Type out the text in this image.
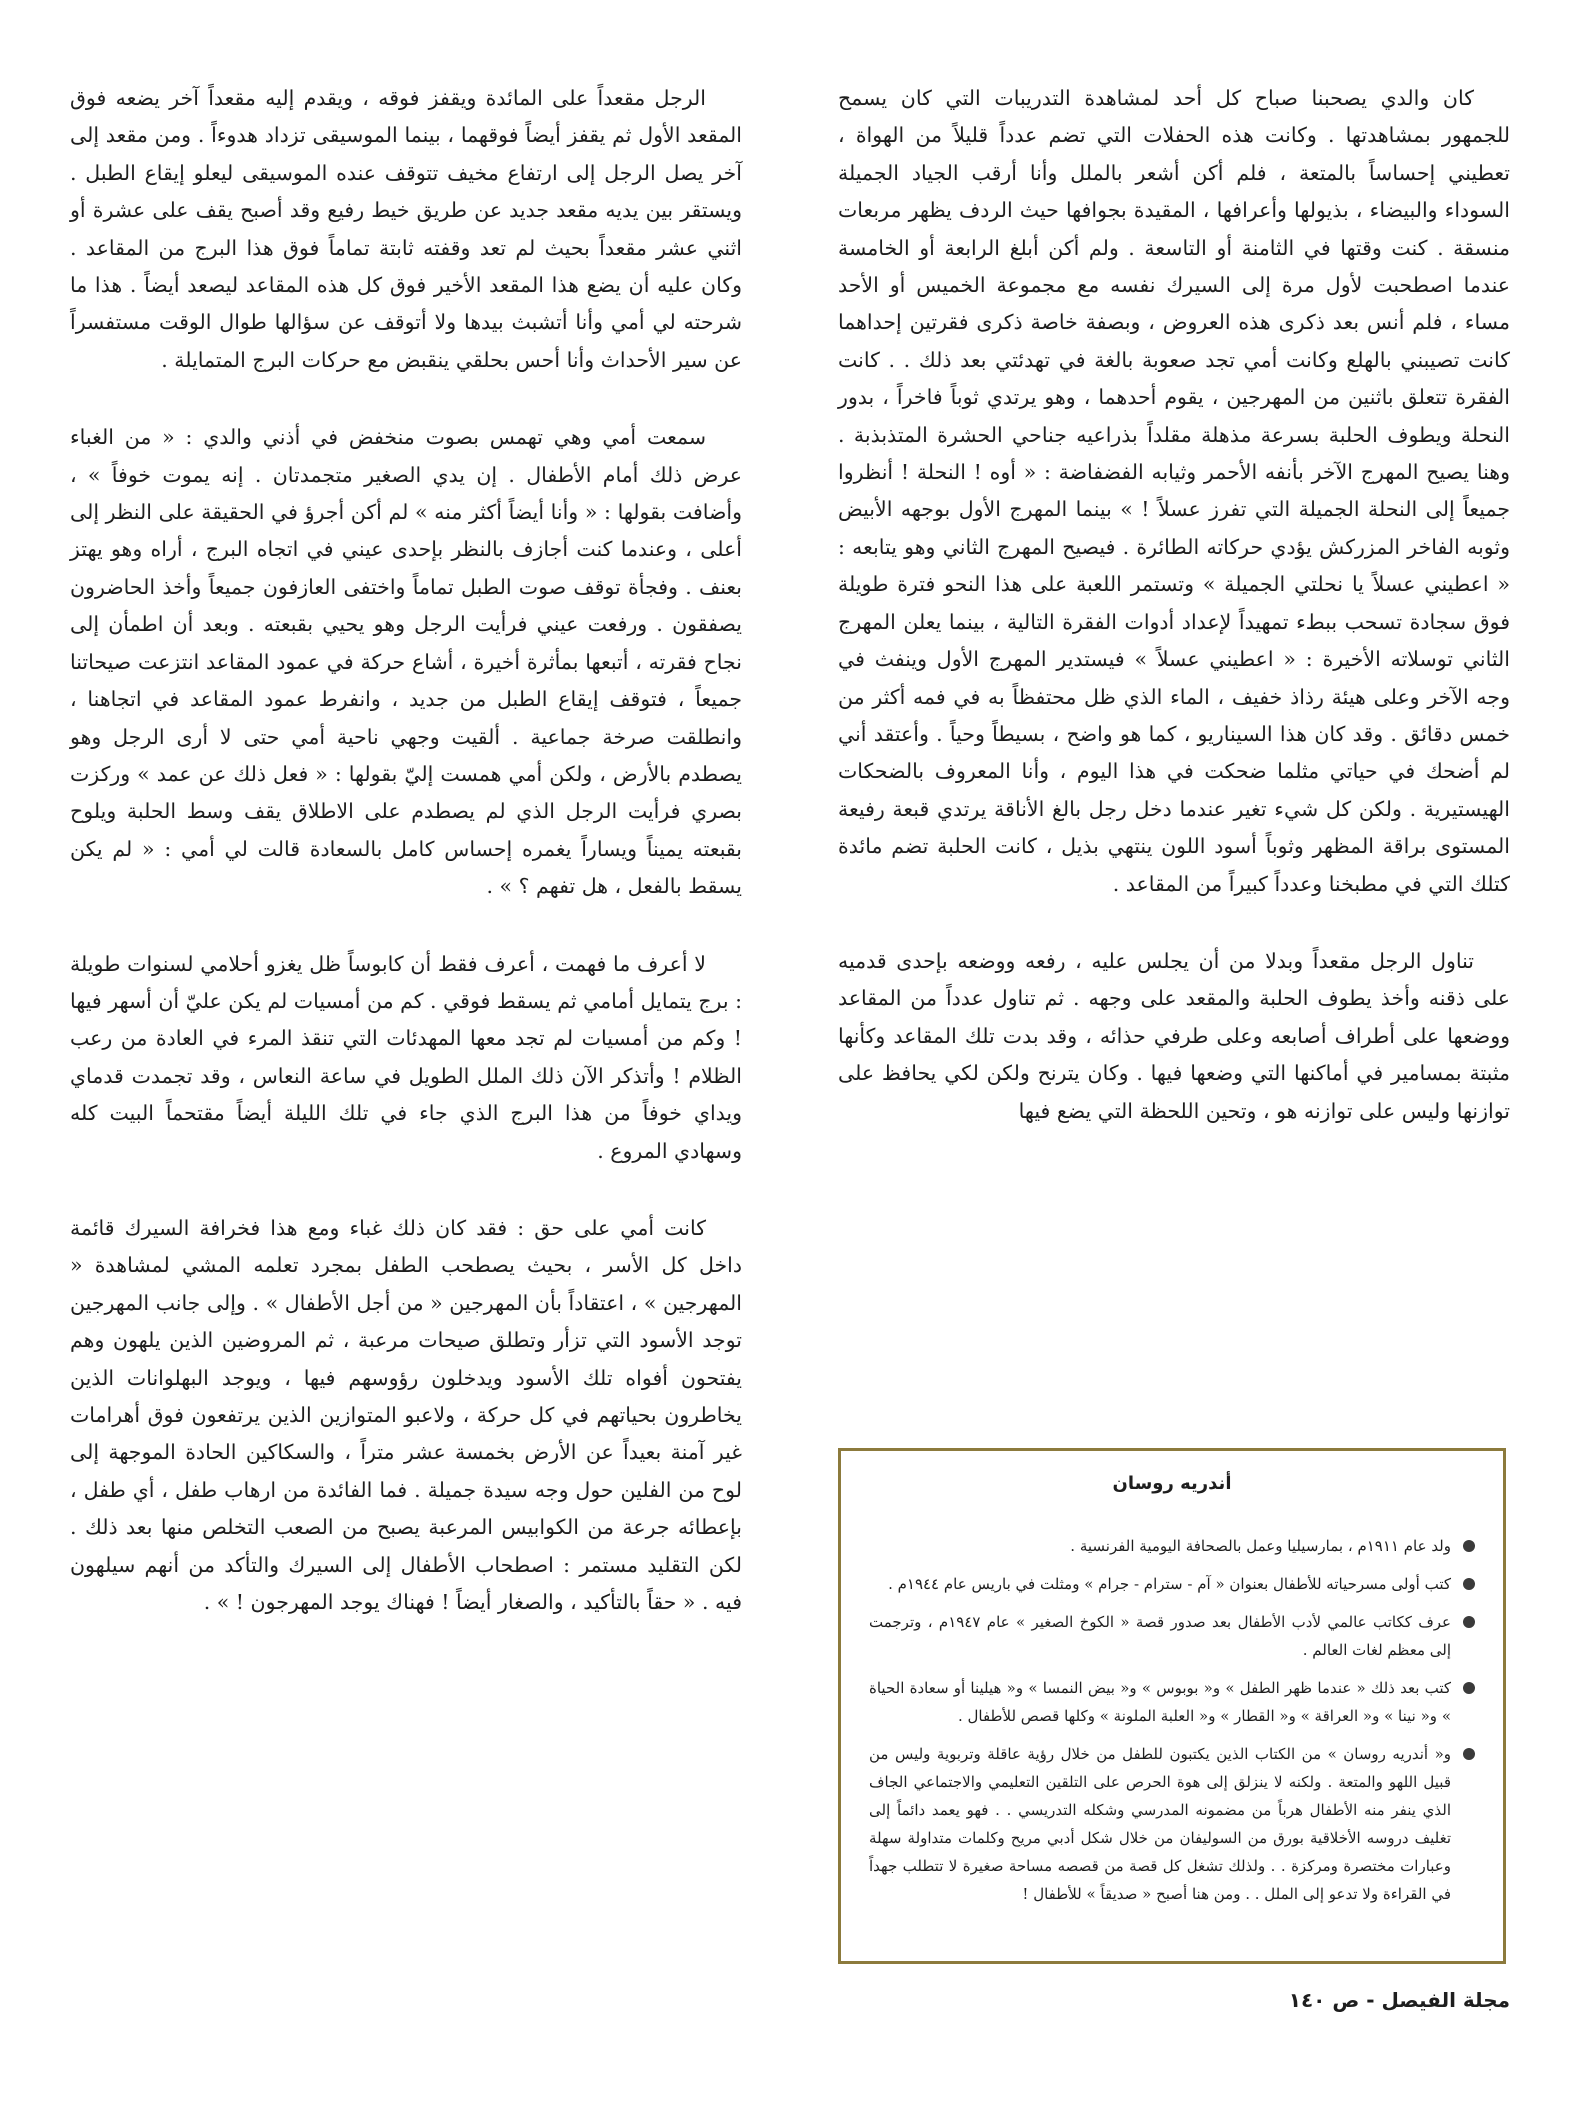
كان والدي يصحبنا صباح كل أحد لمشاهدة التدريبات التي كان يسمح للجمهور بمشاهدتها . وكانت هذه الحفلات التي تضم عدداً قليلاً من الهواة ، تعطيني إحساساً بالمتعة ، فلم أكن أشعر بالملل وأنا أرقب الجياد الجميلة السوداء والبيضاء ، بذيولها وأعرافها ، المقيدة بجوافها حيث الردف يظهر مربعات منسقة . كنت وقتها في الثامنة أو التاسعة . ولم أكن أبلغ الرابعة أو الخامسة عندما اصطحبت لأول مرة إلى السيرك نفسه مع مجموعة الخميس أو الأحد مساء ، فلم أنس بعد ذكرى هذه العروض ، وبصفة خاصة ذكرى فقرتين إحداهما كانت تصيبني بالهلع وكانت أمي تجد صعوبة بالغة في تهدئتي بعد ذلك . . كانت الفقرة تتعلق باثنين من المهرجين ، يقوم أحدهما ، وهو يرتدي ثوباً فاخراً ، بدور النحلة ويطوف الحلبة بسرعة مذهلة مقلداً بذراعيه جناحي الحشرة المتذبذبة . وهنا يصيح المهرج الآخر بأنفه الأحمر وثيابه الفضفاضة : « أوه ! النحلة ! أنظروا جميعاً إلى النحلة الجميلة التي تفرز عسلاً ! » بينما المهرج الأول بوجهه الأبيض وثوبه الفاخر المزركش يؤدي حركاته الطائرة . فيصيح المهرج الثاني وهو يتابعه : « اعطيني عسلاً يا نحلتي الجميلة » وتستمر اللعبة على هذا النحو فترة طويلة فوق سجادة تسحب ببطء تمهيداً لإعداد أدوات الفقرة التالية ، بينما يعلن المهرج الثاني توسلاته الأخيرة : « اعطيني عسلاً » فيستدير المهرج الأول وينفث في وجه الآخر وعلى هيئة رذاذ خفيف ، الماء الذي ظل محتفظاً به في فمه أكثر من خمس دقائق . وقد كان هذا السيناريو ، كما هو واضح ، بسيطاً وحياً . وأعتقد أني لم أضحك في حياتي مثلما ضحكت في هذا اليوم ، وأنا المعروف بالضحكات الهيستيرية . ولكن كل شيء تغير عندما دخل رجل بالغ الأناقة يرتدي قبعة رفيعة المستوى براقة المظهر وثوباً أسود اللون ينتهي بذيل ، كانت الحلبة تضم مائدة كتلك التي في مطبخنا وعدداً كبيراً من المقاعد .

تناول الرجل مقعداً وبدلا من أن يجلس عليه ، رفعه ووضعه بإحدى قدميه على ذقنه وأخذ يطوف الحلبة والمقعد على وجهه . ثم تناول عدداً من المقاعد ووضعها على أطراف أصابعه وعلى طرفي حذائه ، وقد بدت تلك المقاعد وكأنها مثبتة بمسامير في أماكنها التي وضعها فيها . وكان يترنح ولكن لكي يحافظ على توازنها وليس على توازنه هو ، وتحين اللحظة التي يضع فيها

الرجل مقعداً على المائدة ويقفز فوقه ، ويقدم إليه مقعداً آخر يضعه فوق المقعد الأول ثم يقفز أيضاً فوقهما ، بينما الموسيقى تزداد هدوءاً . ومن مقعد إلى آخر يصل الرجل إلى ارتفاع مخيف تتوقف عنده الموسيقى ليعلو إيقاع الطبل . ويستقر بين يديه مقعد جديد عن طريق خيط رفيع وقد أصبح يقف على عشرة أو اثني عشر مقعداً بحيث لم تعد وقفته ثابتة تماماً فوق هذا البرج من المقاعد . وكان عليه أن يضع هذا المقعد الأخير فوق كل هذه المقاعد ليصعد أيضاً . هذا ما شرحته لي أمي وأنا أتشبث بيدها ولا أتوقف عن سؤالها طوال الوقت مستفسراً عن سير الأحداث وأنا أحس بحلقي ينقبض مع حركات البرج المتمايلة .

سمعت أمي وهي تهمس بصوت منخفض في أذني والدي : « من الغباء عرض ذلك أمام الأطفال . إن يدي الصغير متجمدتان . إنه يموت خوفاً » ، وأضافت بقولها : « وأنا أيضاً أكثر منه » لم أكن أجرؤ في الحقيقة على النظر إلى أعلى ، وعندما كنت أجازف بالنظر بإحدى عيني في اتجاه البرج ، أراه وهو يهتز بعنف . وفجأة توقف صوت الطبل تماماً واختفى العازفون جميعاً وأخذ الحاضرون يصفقون . ورفعت عيني فرأيت الرجل وهو يحيي بقبعته . وبعد أن اطمأن إلى نجاح فقرته ، أتبعها بمأثرة أخيرة ، أشاع حركة في عمود المقاعد انتزعت صيحاتنا جميعاً ، فتوقف إيقاع الطبل من جديد ، وانفرط عمود المقاعد في اتجاهنا ، وانطلقت صرخة جماعية . ألقيت وجهي ناحية أمي حتى لا أرى الرجل وهو يصطدم بالأرض ، ولكن أمي همست إليّ بقولها : « فعل ذلك عن عمد » وركزت بصري فرأيت الرجل الذي لم يصطدم على الاطلاق يقف وسط الحلبة ويلوح بقبعته يميناً ويساراً يغمره إحساس كامل بالسعادة قالت لي أمي : « لم يكن يسقط بالفعل ، هل تفهم ؟ » .

لا أعرف ما فهمت ، أعرف فقط أن كابوساً ظل يغزو أحلامي لسنوات طويلة : برج يتمايل أمامي ثم يسقط فوقي . كم من أمسيات لم يكن عليّ أن أسهر فيها ! وكم من أمسيات لم تجد معها المهدئات التي تنقذ المرء في العادة من رعب الظلام ! وأتذكر الآن ذلك الملل الطويل في ساعة النعاس ، وقد تجمدت قدماي ويداي خوفاً من هذا البرج الذي جاء في تلك الليلة أيضاً مقتحماً البيت كله وسهادي المروع .

كانت أمي على حق : فقد كان ذلك غباء ومع هذا فخرافة السيرك قائمة داخل كل الأسر ، بحيث يصطحب الطفل بمجرد تعلمه المشي لمشاهدة « المهرجين » ، اعتقاداً بأن المهرجين « من أجل الأطفال » . وإلى جانب المهرجين توجد الأسود التي تزأر وتطلق صيحات مرعبة ، ثم المروضين الذين يلهون وهم يفتحون أفواه تلك الأسود ويدخلون رؤوسهم فيها ، ويوجد البهلوانات الذين يخاطرون بحياتهم في كل حركة ، ولاعبو المتوازين الذين يرتفعون فوق أهرامات غير آمنة بعيداً عن الأرض بخمسة عشر متراً ، والسكاكين الحادة الموجهة إلى لوح من الفلين حول وجه سيدة جميلة . فما الفائدة من ارهاب طفل ، أي طفل ، بإعطائه جرعة من الكوابيس المرعبة يصبح من الصعب التخلص منها بعد ذلك . لكن التقليد مستمر : اصطحاب الأطفال إلى السيرك والتأكد من أنهم سيلهون فيه . « حقاً بالتأكيد ، والصغار أيضاً ! فهناك يوجد المهرجون ! » .

أندريه روسان
ولد عام ١٩١١م ، بمارسيليا وعمل بالصحافة اليومية الفرنسية .
كتب أولى مسرحياته للأطفال بعنوان « آم - سترام - جرام » ومثلت في باريس عام ١٩٤٤م .
عرف ككاتب عالمي لأدب الأطفال بعد صدور قصة « الكوخ الصغير » عام ١٩٤٧م ، وترجمت إلى معظم لغات العالم .
كتب بعد ذلك « عندما ظهر الطفل » و« بوبوس » و« بيض النمسا » و« هيلينا أو سعادة الحياة » و« نينا » و« العراقة » و« القطار » و« العلبة الملونة » وكلها قصص للأطفال .
و« أندريه روسان » من الكتاب الذين يكتبون للطفل من خلال رؤية عاقلة وتربوية وليس من قبيل اللهو والمتعة . ولكنه لا ينزلق إلى هوة الحرص على التلقين التعليمي والاجتماعي الجاف الذي ينفر منه الأطفال هرباً من مضمونه المدرسي وشكله التدريسي . . فهو يعمد دائماً إلى تغليف دروسه الأخلاقية بورق من السوليفان من خلال شكل أدبي مريح وكلمات متداولة سهلة وعبارات مختصرة ومركزة . . ولذلك تشغل كل قصة من قصصه مساحة صغيرة لا تتطلب جهداً في القراءة ولا تدعو إلى الملل . . ومن هنا أصبح « صديقاً » للأطفال !
مجلة الفيصل - ص ١٤٠
